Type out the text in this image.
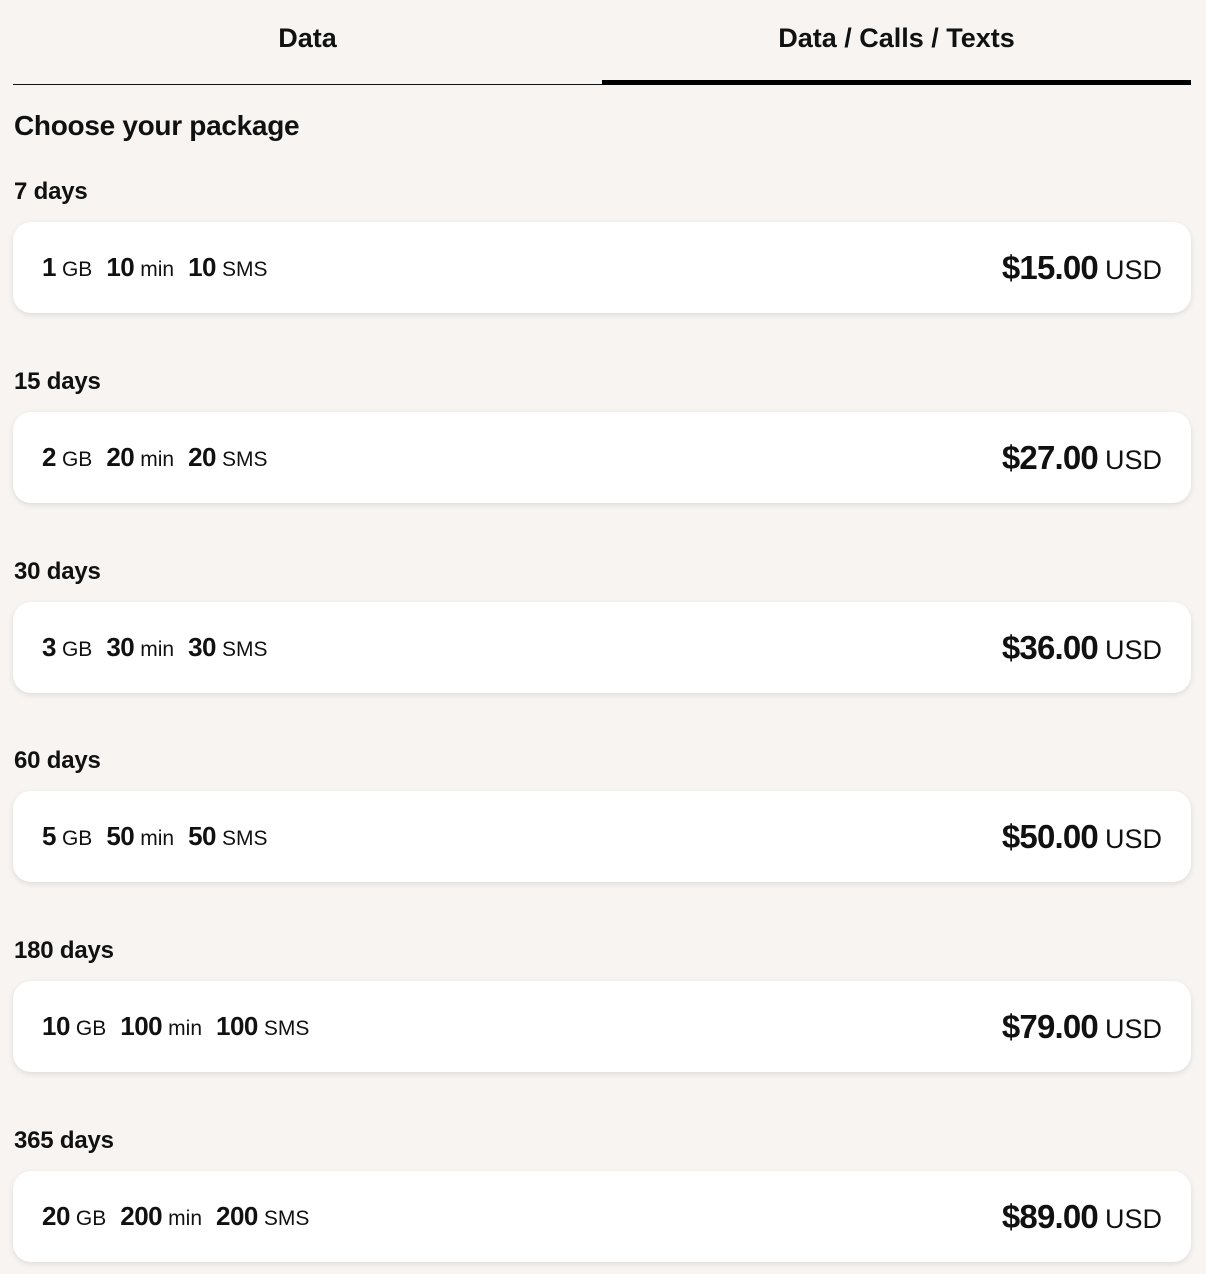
Data	Data / Calls / Texts
Choose your package
7 days
1 GB 10 min 10 SMS	$15.00 USD
15 days
2 GB 20 min 20 SMS	$27.00 USD
30 days
3 GB 30 min 30 SMS	$36.00 USD
60 days
5 GB 50 min 50 SMS	$50.00 USD
180 days
10 GB 100 min 100 SMS	$79.00 USD
365 days
20 GB 200 min 200 SMS	$89.00 USD
